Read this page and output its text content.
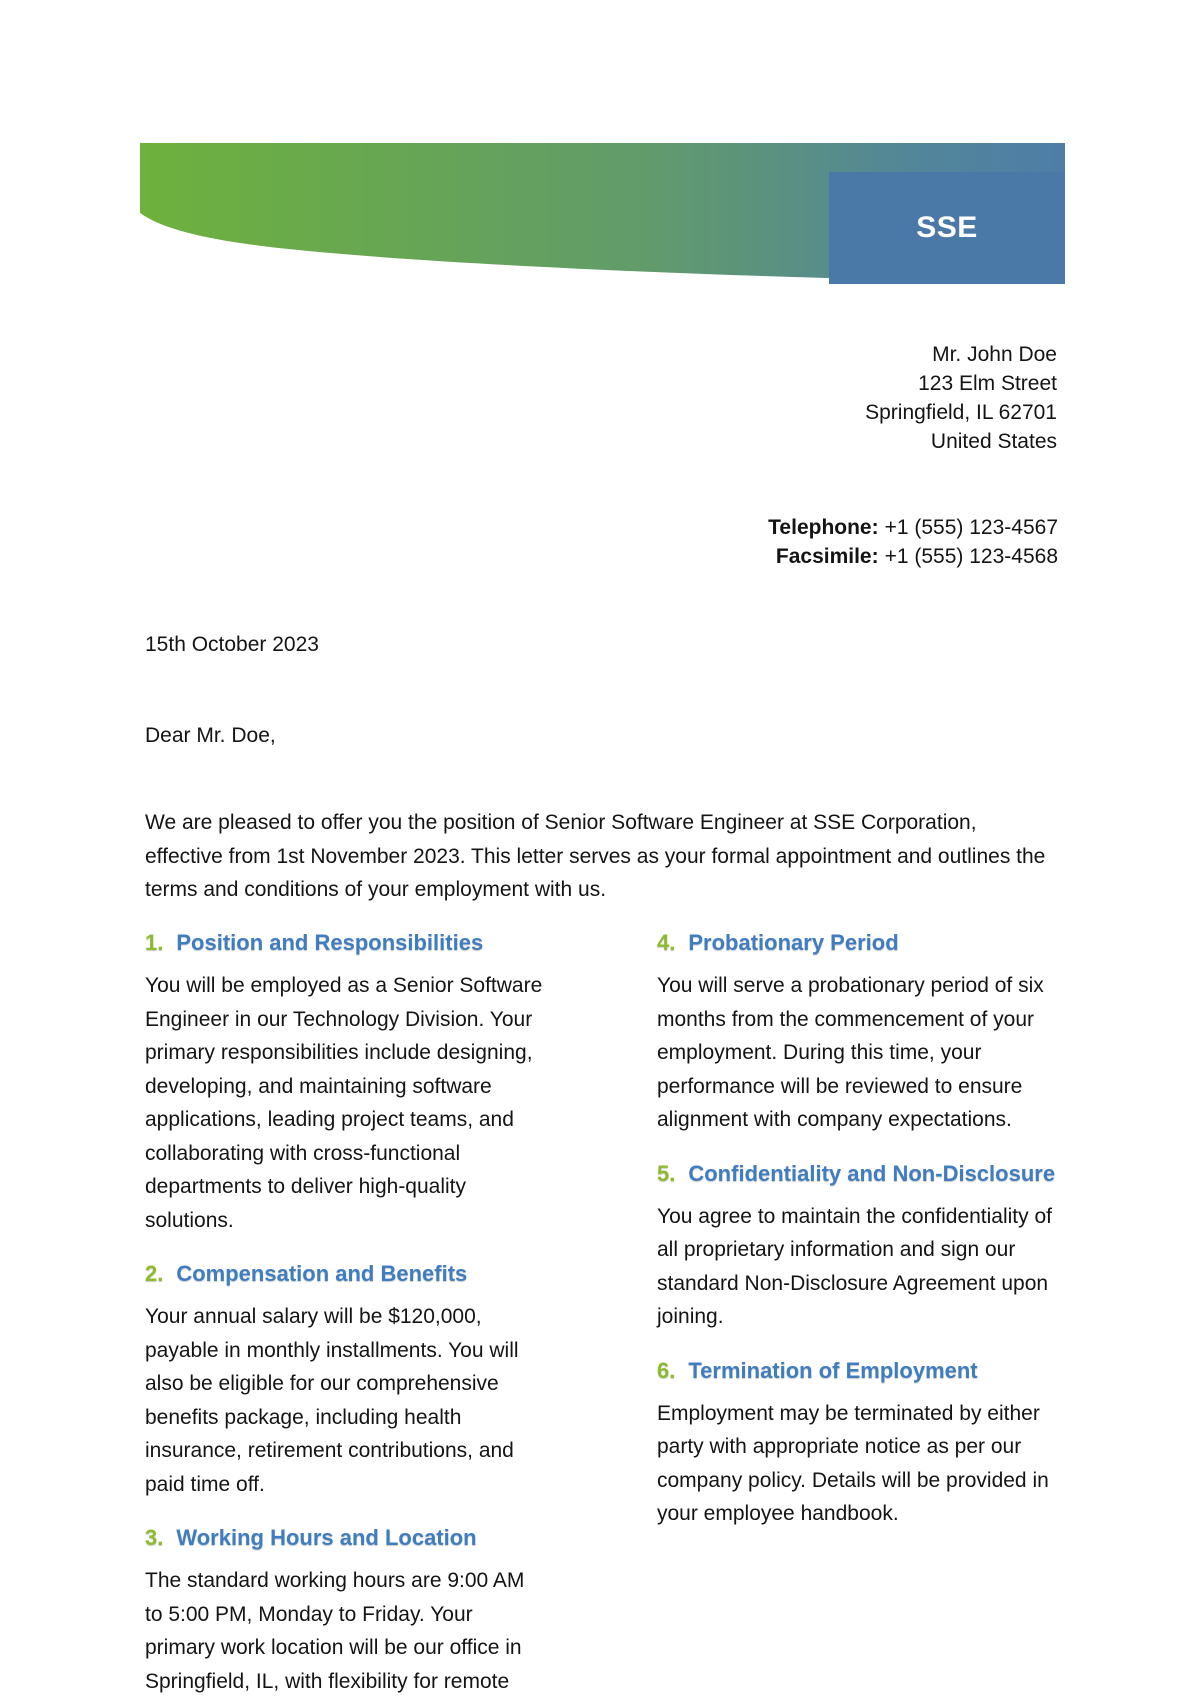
SSE
Mr. John Doe
123 Elm Street
Springfield, IL 62701
United States
Telephone: +1 (555) 123-4567
Facsimile: +1 (555) 123-4568
15th October 2023
Dear Mr. Doe,

We are pleased to offer you the position of Senior Software Engineer at SSE Corporation, effective from 1st November 2023. This letter serves as your formal appointment and outlines the terms and conditions of your employment with us.

1. Position and Responsibilities

You will be employed as a Senior Software Engineer in our Technology Division. Your primary responsibilities include designing, developing, and maintaining software applications, leading project teams, and collaborating with cross-functional departments to deliver high-quality solutions.

2. Compensation and Benefits

Your annual salary will be $120,000, payable in monthly installments. You will also be eligible for our comprehensive benefits package, including health insurance, retirement contributions, and paid time off.

3. Working Hours and Location

The standard working hours are 9:00 AM to 5:00 PM, Monday to Friday. Your primary work location will be our office in Springfield, IL, with flexibility for remote

4. Probationary Period

You will serve a probationary period of six months from the commencement of your employment. During this time, your performance will be reviewed to ensure alignment with company expectations.

5. Confidentiality and Non-Disclosure

You agree to maintain the confidentiality of all proprietary information and sign our standard Non-Disclosure Agreement upon joining.

6. Termination of Employment

Employment may be terminated by either party with appropriate notice as per our company policy. Details will be provided in your employee handbook.
